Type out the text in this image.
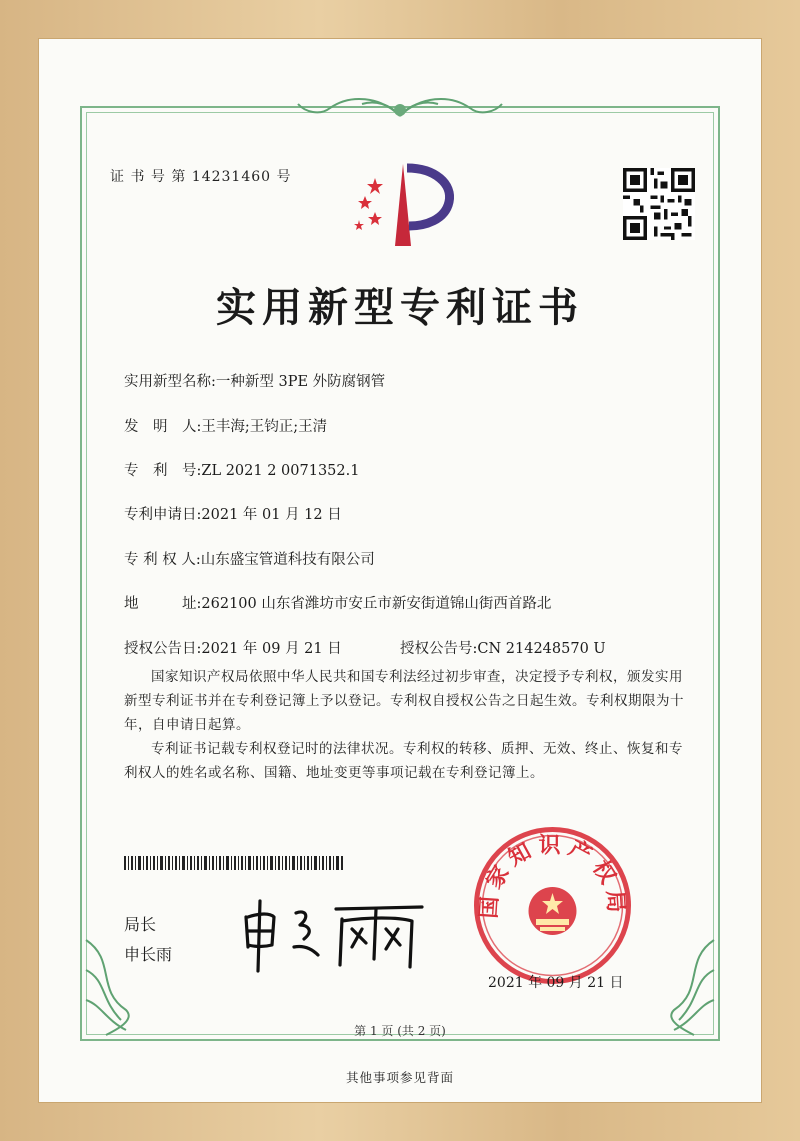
证 书 号 第 14231460 号
实用新型专利证书
实用新型名称:一种新型 3PE 外防腐钢管
发　明　人:王丰海;王钧正;王清
专　利　号:ZL 2021 2 0071352.1
专利申请日:2021 年 01 月 12 日
专 利 权 人:山东盛宝管道科技有限公司
地　　　址:262100 山东省潍坊市安丘市新安街道锦山街西首路北
授权公告日:2021 年 09 月 21 日	授权公告号:CN 214248570 U
国家知识产权局依照中华人民共和国专利法经过初步审查，决定授予专利权，颁发实用新型专利证书并在专利登记簿上予以登记。专利权自授权公告之日起生效。专利权期限为十年，自申请日起算。
专利证书记载专利权登记时的法律状况。专利权的转移、质押、无效、终止、恢复和专利权人的姓名或名称、国籍、地址变更等事项记载在专利登记簿上。
局长
申长雨
国家知识产权局
2021 年 09 月 21 日
第 1 页 (共 2 页)
其他事项参见背面
